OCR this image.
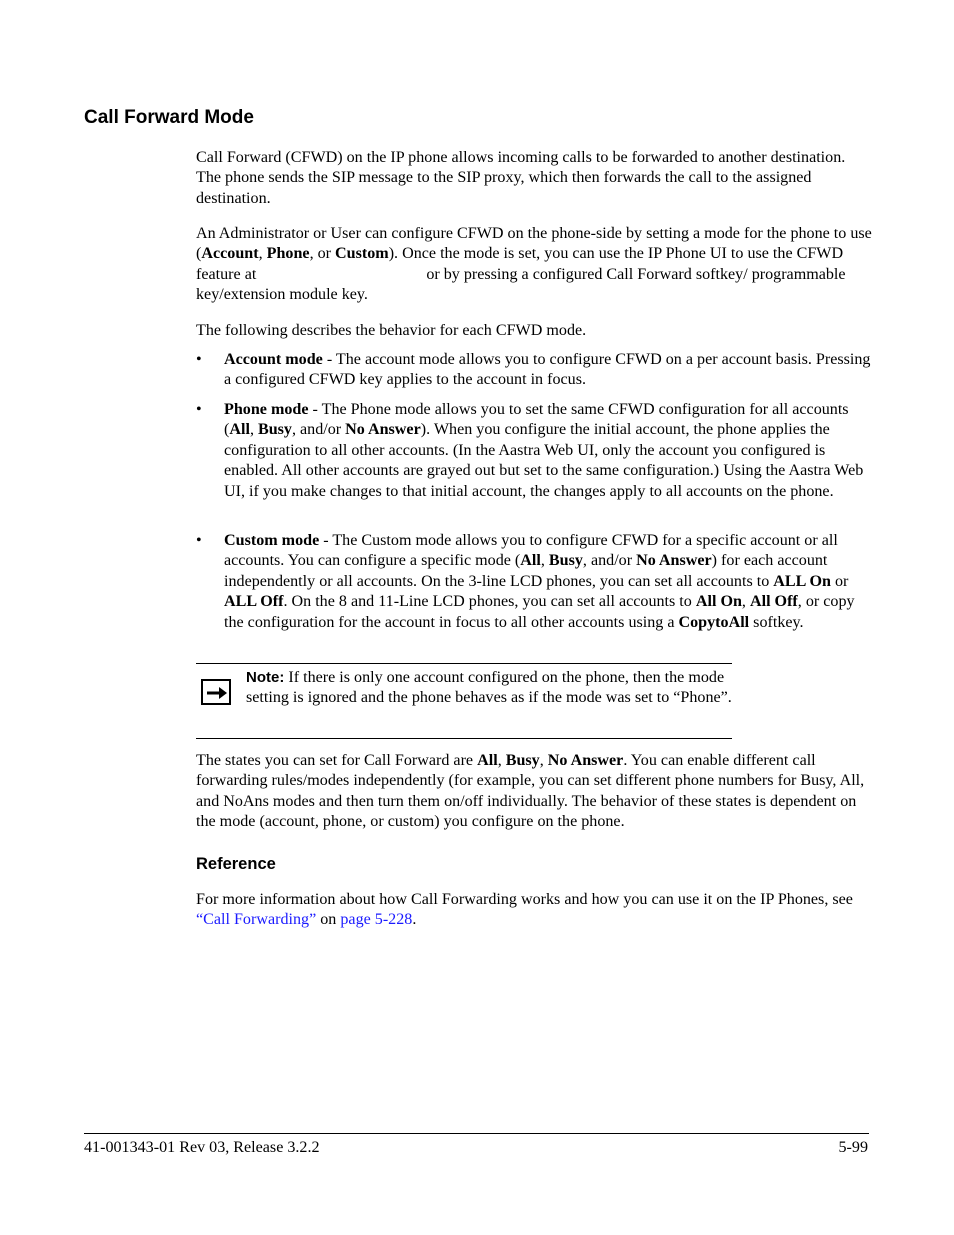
Call Forward Mode

Call Forward (CFWD) on the IP phone allows incoming calls to be forwarded to another destination. The phone sends the SIP message to the SIP proxy, which then forwards the call to the assigned destination.

An Administrator or User can configure CFWD on the phone-side by setting a mode for the phone to use (Account, Phone, or Custom). Once the mode is set, you can use the IP Phone UI to use the CFWD feature at	or by pressing a configured Call Forward softkey/ programmable key/extension module key.

The following describes the behavior for each CFWD mode.

•	Account mode - The account mode allows you to configure CFWD on a per account basis. Pressing a configured CFWD key applies to the account in focus.
•	Phone mode - The Phone mode allows you to set the same CFWD configuration for all accounts (All, Busy, and/or No Answer). When you configure the initial account, the phone applies the configuration to all other accounts. (In the Aastra Web UI, only the account you configured is enabled. All other accounts are grayed out but set to the same configuration.) Using the Aastra Web UI, if you make changes to that initial account, the changes apply to all accounts on the phone.
•	Custom mode - The Custom mode allows you to configure CFWD for a specific account or all accounts. You can configure a specific mode (All, Busy, and/or No Answer) for each account independently or all accounts. On the 3-line LCD phones, you can set all accounts to ALL On or ALL Off. On the 8 and 11-Line LCD phones, you can set all accounts to All On, All Off, or copy the configuration for the account in focus to all other accounts using a CopytoAll softkey.
Note: If there is only one account configured on the phone, then the mode setting is ignored and the phone behaves as if the mode was set to “Phone”.

The states you can set for Call Forward are All, Busy, No Answer. You can enable different call forwarding rules/modes independently (for example, you can set different phone numbers for Busy, All, and NoAns modes and then turn them on/off individually. The behavior of these states is dependent on the mode (account, phone, or custom) you configure on the phone.

Reference

For more information about how Call Forwarding works and how you can use it on the IP Phones, see “Call Forwarding” on page 5-228.

41-001343-01 Rev 03, Release 3.2.2	5-99
